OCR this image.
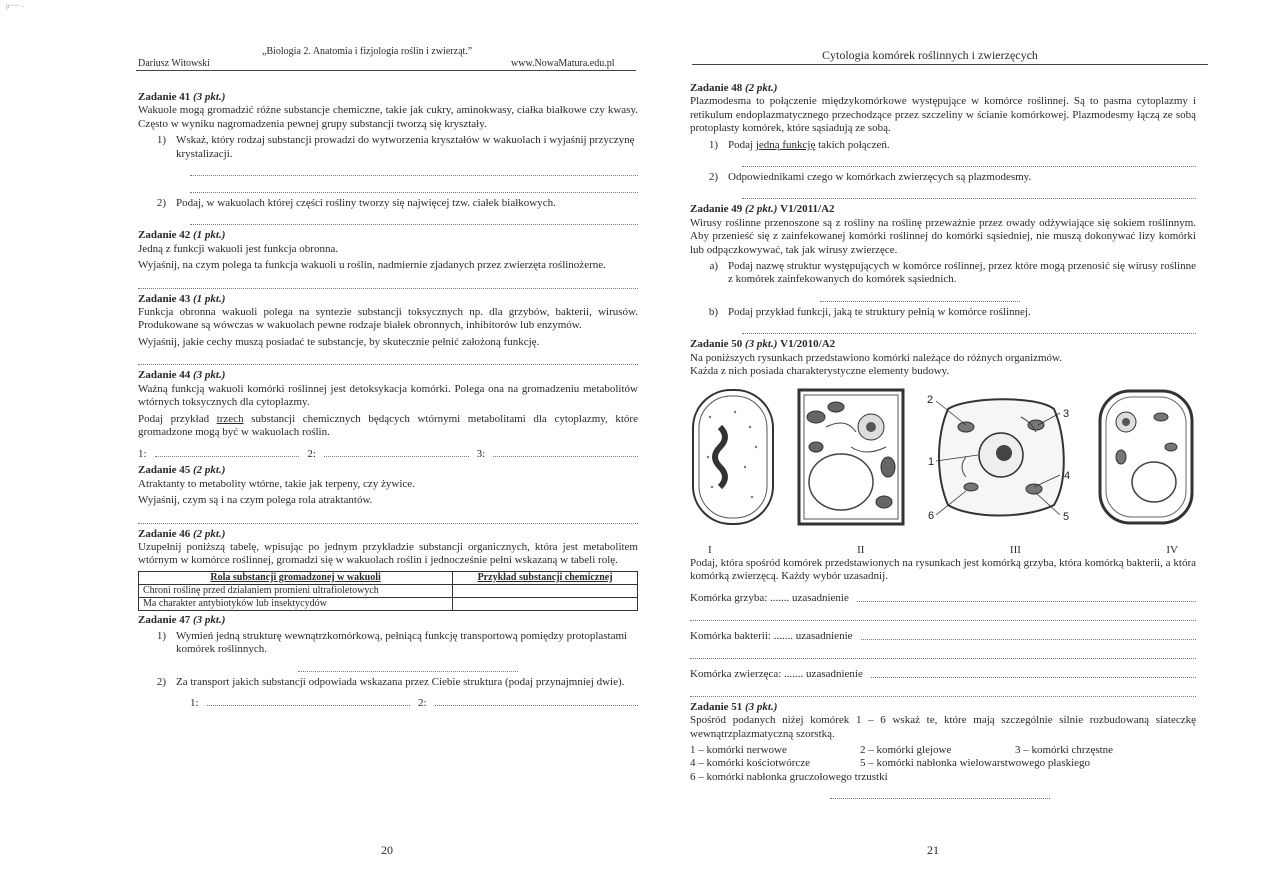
p~~· -
„Biologia 2. Anatomia i fizjologia roślin i zwierząt.”
Dariusz Witowski	www.NowaMatura.edu.pl
Zadanie 41 (3 pkt.)

Wakuole mogą gromadzić różne substancje chemiczne, takie jak cukry, aminokwasy, ciałka białkowe czy kwasy. Często w wyniku nagromadzenia pewnej grupy substancji tworzą się kryształy.

1) Wskaż, który rodzaj substancji prowadzi do wytworzenia kryształów w wakuolach i wyjaśnij przyczynę krystalizacji.
2) Podaj, w wakuolach której części rośliny tworzy się najwięcej tzw. ciałek białkowych.
Zadanie 42 (1 pkt.)

Jedną z funkcji wakuoli jest funkcja obronna.

Wyjaśnij, na czym polega ta funkcja wakuoli u roślin, nadmiernie zjadanych przez zwierzęta roślinożerne.

Zadanie 43 (1 pkt.)

Funkcja obronna wakuoli polega na syntezie substancji toksycznych np. dla grzybów, bakterii, wirusów. Produkowane są wówczas w wakuolach pewne rodzaje białek obronnych, inhibitorów lub enzymów.

Wyjaśnij, jakie cechy muszą posiadać te substancje, by skutecznie pełnić założoną funkcję.

Zadanie 44 (3 pkt.)

Ważną funkcją wakuoli komórki roślinnej jest detoksykacja komórki. Polega ona na gromadzeniu metabolitów wtórnych toksycznych dla cytoplazmy.

Podaj przykład trzech substancji chemicznych będących wtórnymi metabolitami dla cytoplazmy, które gromadzone mogą być w wakuolach roślin.

1:	2:	3:
Zadanie 45 (2 pkt.)

Atraktanty to metabolity wtórne, takie jak terpeny, czy żywice.

Wyjaśnij, czym są i na czym polega rola atraktantów.

Zadanie 46 (2 pkt.)

Uzupełnij poniższą tabelę, wpisując po jednym przykładzie substancji organicznych, która jest metabolitem wtórnym w komórce roślinnej, gromadzi się w wakuolach roślin i jednocześnie pełni wskazaną w tabeli rolę.

Rola substancji gromadzonej w wakuoli	Przykład substancji chemicznej
Chroni roślinę przed działaniem promieni ultrafioletowych	
Ma charakter antybiotyków lub insektycydów	
Zadanie 47 (3 pkt.)
1) Wymień jedną strukturę wewnątrzkomórkową, pełniącą funkcję transportową pomiędzy protoplastami komórek roślinnych.
2) Za transport jakich substancji odpowiada wskazana przez Ciebie struktura (podaj przynajmniej dwie).
1:	2:
20
Cytologia komórek roślinnych i zwierzęcych
Zadanie 48 (2 pkt.)

Plazmodesma to połączenie międzykomórkowe występujące w komórce roślinnej. Są to pasma cytoplazmy i retikulum endoplazmatycznego przechodzące przez szczeliny w ścianie komórkowej. Plazmodesmy łączą ze sobą protoplasty komórek, które sąsiadują ze sobą.

1) Podaj jedną funkcję takich połączeń.
2) Odpowiednikami czego w komórkach zwierzęcych są plazmodesmy.
Zadanie 49 (2 pkt.) V1/2011/A2

Wirusy roślinne przenoszone są z rośliny na roślinę przeważnie przez owady odżywiające się sokiem roślinnym. Aby przenieść się z zainfekowanej komórki roślinnej do komórki sąsiedniej, nie muszą dokonywać lizy komórki lub odpączkowywać, tak jak wirusy zwierzęce.

a) Podaj nazwę struktur występujących w komórce roślinnej, przez które mogą przenosić się wirusy roślinne z komórek zainfekowanych do komórek sąsiednich.
b) Podaj przykład funkcji, jaką te struktury pełnią w komórce roślinnej.
Zadanie 50 (3 pkt.) V1/2010/A2

Na poniższych rysunkach przedstawiono komórki należące do różnych organizmów.

Każda z nich posiada charakterystyczne elementy budowy.

2
3
1
4
6	5
I	II	III	IV

Podaj, która spośród komórek przedstawionych na rysunkach jest komórką grzyba, która komórką bakterii, a która komórką zwierzęcą. Każdy wybór uzasadnij.

Komórka grzyba: ....... uzasadnienie
Komórka bakterii: ....... uzasadnienie
Komórka zwierzęca: ....... uzasadnienie
Zadanie 51 (3 pkt.)

Spośród podanych niżej komórek 1 – 6 wskaż te, które mają szczególnie silnie rozbudowaną siateczkę wewnątrzplazmatyczną szorstką.

1 – komórki nerwowe	2 – komórki glejowe	3 – komórki chrzęstne
4 – komórki kościotwórcze	5 – komórki nabłonka wielowarstwowego płaskiego
6 – komórki nabłonka gruczołowego trzustki
21
